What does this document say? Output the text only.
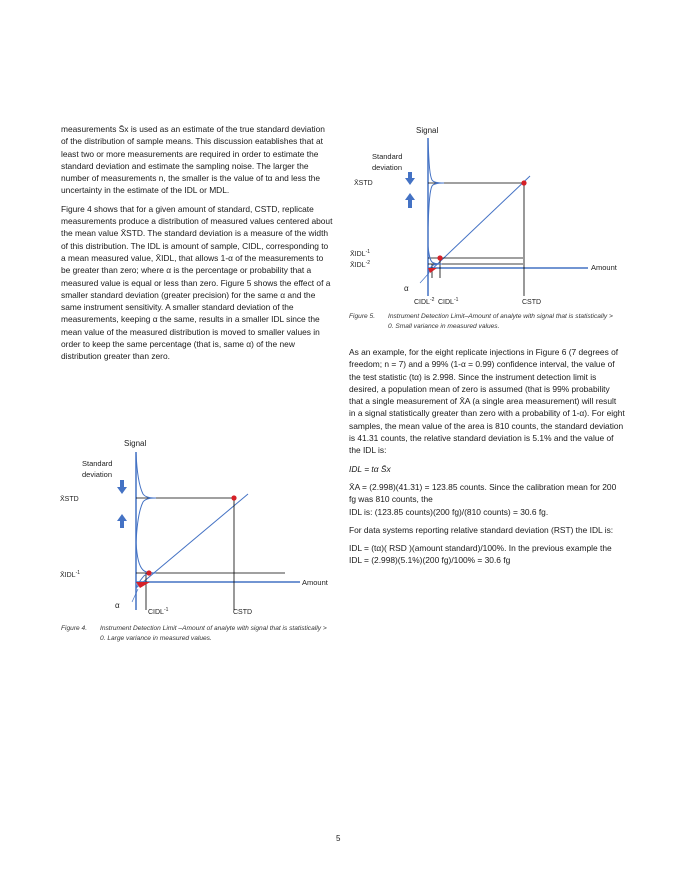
measurements S̄x is used as an estimate of the true standard deviation of the distribution of sample means. This discussion eatablishes that at least two or more measurements are required in order to estimate the standard deviation and estimate the sampling noise. The larger the number of measurements n, the smaller is the value of tα and less the uncertainty in the estimate of the IDL or MDL.

Figure 4 shows that for a given amount of standard, CSTD, replicate measurements produce a distribution of measured values centered about the mean value X̄STD. The standard deviation is a measure of the width of this distribution. The IDL is amount of sample, CIDL, corresponding to a mean measured value, X̄IDL, that allows 1-α of the measurements to be greater than zero; where α is the percentage or probability that a measured value is equal or less than zero. Figure 5 shows the effect of a smaller standard deviation (greater precision) for the same α and the same instrument sensitivity. A smaller standard deviation of the measurements, keeping α the same, results in a smaller IDL since the mean value of the measured distribution is moved to smaller values in order to keep the same percentage (that is, same α) of the new distribution greater than zero.

Signal
Standard
deviation
X̄STD
$X̄IDL^{-1}$
Amount
α
$CIDL^{-1}$	CSTD
Figure 4. Instrument Detection Limit –Amount of analyte with signal that is statistically > 0. Large variance in measured values.
Signal
Standard
deviation
X̄STD
$X̄IDL^{-1}$
$X̄IDL^{-2}$	Amount
α
$CIDL^{-2}$ $CIDL^{-1}$	CSTD
Figure 5. Instrument Detection Limit–Amount of analyte with signal that is statistically > 0. Small variance in measured values.

As an example, for the eight replicate injections in Figure 6 (7 degrees of freedom; n = 7) and a 99% (1-α = 0.99) confidence interval, the value of the test statistic (tα) is 2.998. Since the instrument detection limit is desired, a population mean of zero is assumed (that is 99% probability that a single measurement of X̄A (a single area measurement) will result in a signal statistically greater than zero with a probability of 1-α). For eight samples, the mean value of the area is 810 counts, the standard deviation is 41.31 counts, the relative standard deviation is 5.1% and the value of the IDL is:

IDL = tα S̄x

X̄A = (2.998)(41.31) = 123.85 counts. Since the calibration mean for 200 fg was 810 counts, the

IDL is: (123.85 counts)(200 fg)/(810 counts) = 30.6 fg.

For data systems reporting relative standard deviation (RST) the IDL is:

IDL = (tα)( RSD )(amount standard)/100%. In the previous example the IDL = (2.998)(5.1%)(200 fg)/100% = 30.6 fg

5
